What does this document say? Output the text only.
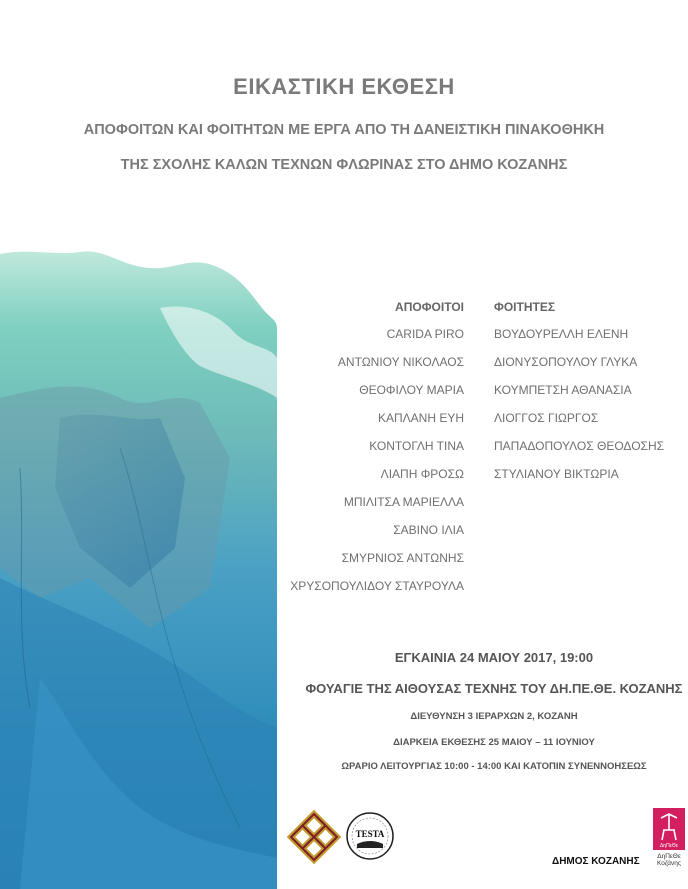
ΕΙΚΑΣΤΙΚΗ ΕΚΘΕΣΗ
ΑΠΟΦΟΙΤΩΝ ΚΑΙ ΦΟΙΤΗΤΩΝ ΜΕ ΕΡΓΑ ΑΠΟ ΤΗ ΔΑΝΕΙΣΤΙΚΗ ΠΙΝΑΚΟΘΗΚΗ
ΤΗΣ ΣΧΟΛΗΣ ΚΑΛΩΝ ΤΕΧΝΩΝ ΦΛΩΡΙΝΑΣ ΣΤΟ ΔΗΜΟ ΚΟΖΑΝΗΣ
ΑΠΟΦΟΙΤΟΙ
CARIDA PIRO
ΑΝΤΩΝΙΟΥ ΝΙΚΟΛΑΟΣ
ΘΕΟΦΙΛΟΥ ΜΑΡΙΑ
ΚΑΠΛΑΝΗ ΕΥΗ
ΚΟΝΤΟΓΛΗ ΤΙΝΑ
ΛΙΑΠΗ ΦΡΟΣΩ
ΜΠΙΛΙΤΣΑ ΜΑΡΙΕΛΛΑ
ΣΑΒΙΝΟ ΙΛΙΑ
ΣΜΥΡΝΙΟΣ ΑΝΤΩΝΗΣ
ΧΡΥΣΟΠΟΥΛΙΔΟΥ ΣΤΑΥΡΟΥΛΑ
ΦΟΙΤΗΤΕΣ
ΒΟΥΔΟΥΡΕΛΛΗ ΕΛΕΝΗ
ΔΙΟΝΥΣΟΠΟΥΛΟΥ ΓΛΥΚΑ
ΚΟΥΜΠΕΤΣΗ ΑΘΑΝΑΣΙΑ
ΛΙΟΓΓΟΣ ΓΙΩΡΓΟΣ
ΠΑΠΑΔΟΠΟΥΛΟΣ ΘΕΟΔΟΣΗΣ
ΣΤΥΛΙΑΝΟΥ ΒΙΚΤΩΡΙΑ
ΕΓΚΑΙΝΙΑ 24 ΜΑΙΟΥ 2017, 19:00
ΦΟΥΑΓΙΕ ΤΗΣ ΑΙΘΟΥΣΑΣ ΤΕΧΝΗΣ ΤΟΥ ΔΗ.ΠΕ.ΘΕ. ΚΟΖΑΝΗΣ
ΔΙΕΥΘΥΝΣΗ 3 ΙΕΡΑΡΧΩΝ 2, ΚΟΖΑΝΗ
ΔΙΑΡΚΕΙΑ ΕΚΘΕΣΗΣ 25 ΜΑΙΟΥ – 11 ΙΟΥΝΙΟΥ
ΩΡΑΡΙΟ ΛΕΙΤΟΥΡΓΙΑΣ 10:00 - 14:00 ΚΑΙ ΚΑΤΟΠΙΝ ΣΥΝΕΝΝΟΗΣΕΩΣ
TESTA
ΔΗΜΟΣ ΚΟΖΑΝΗΣ
ΔηΠεΘε
ΔηΠεΘε Κοζάνης
